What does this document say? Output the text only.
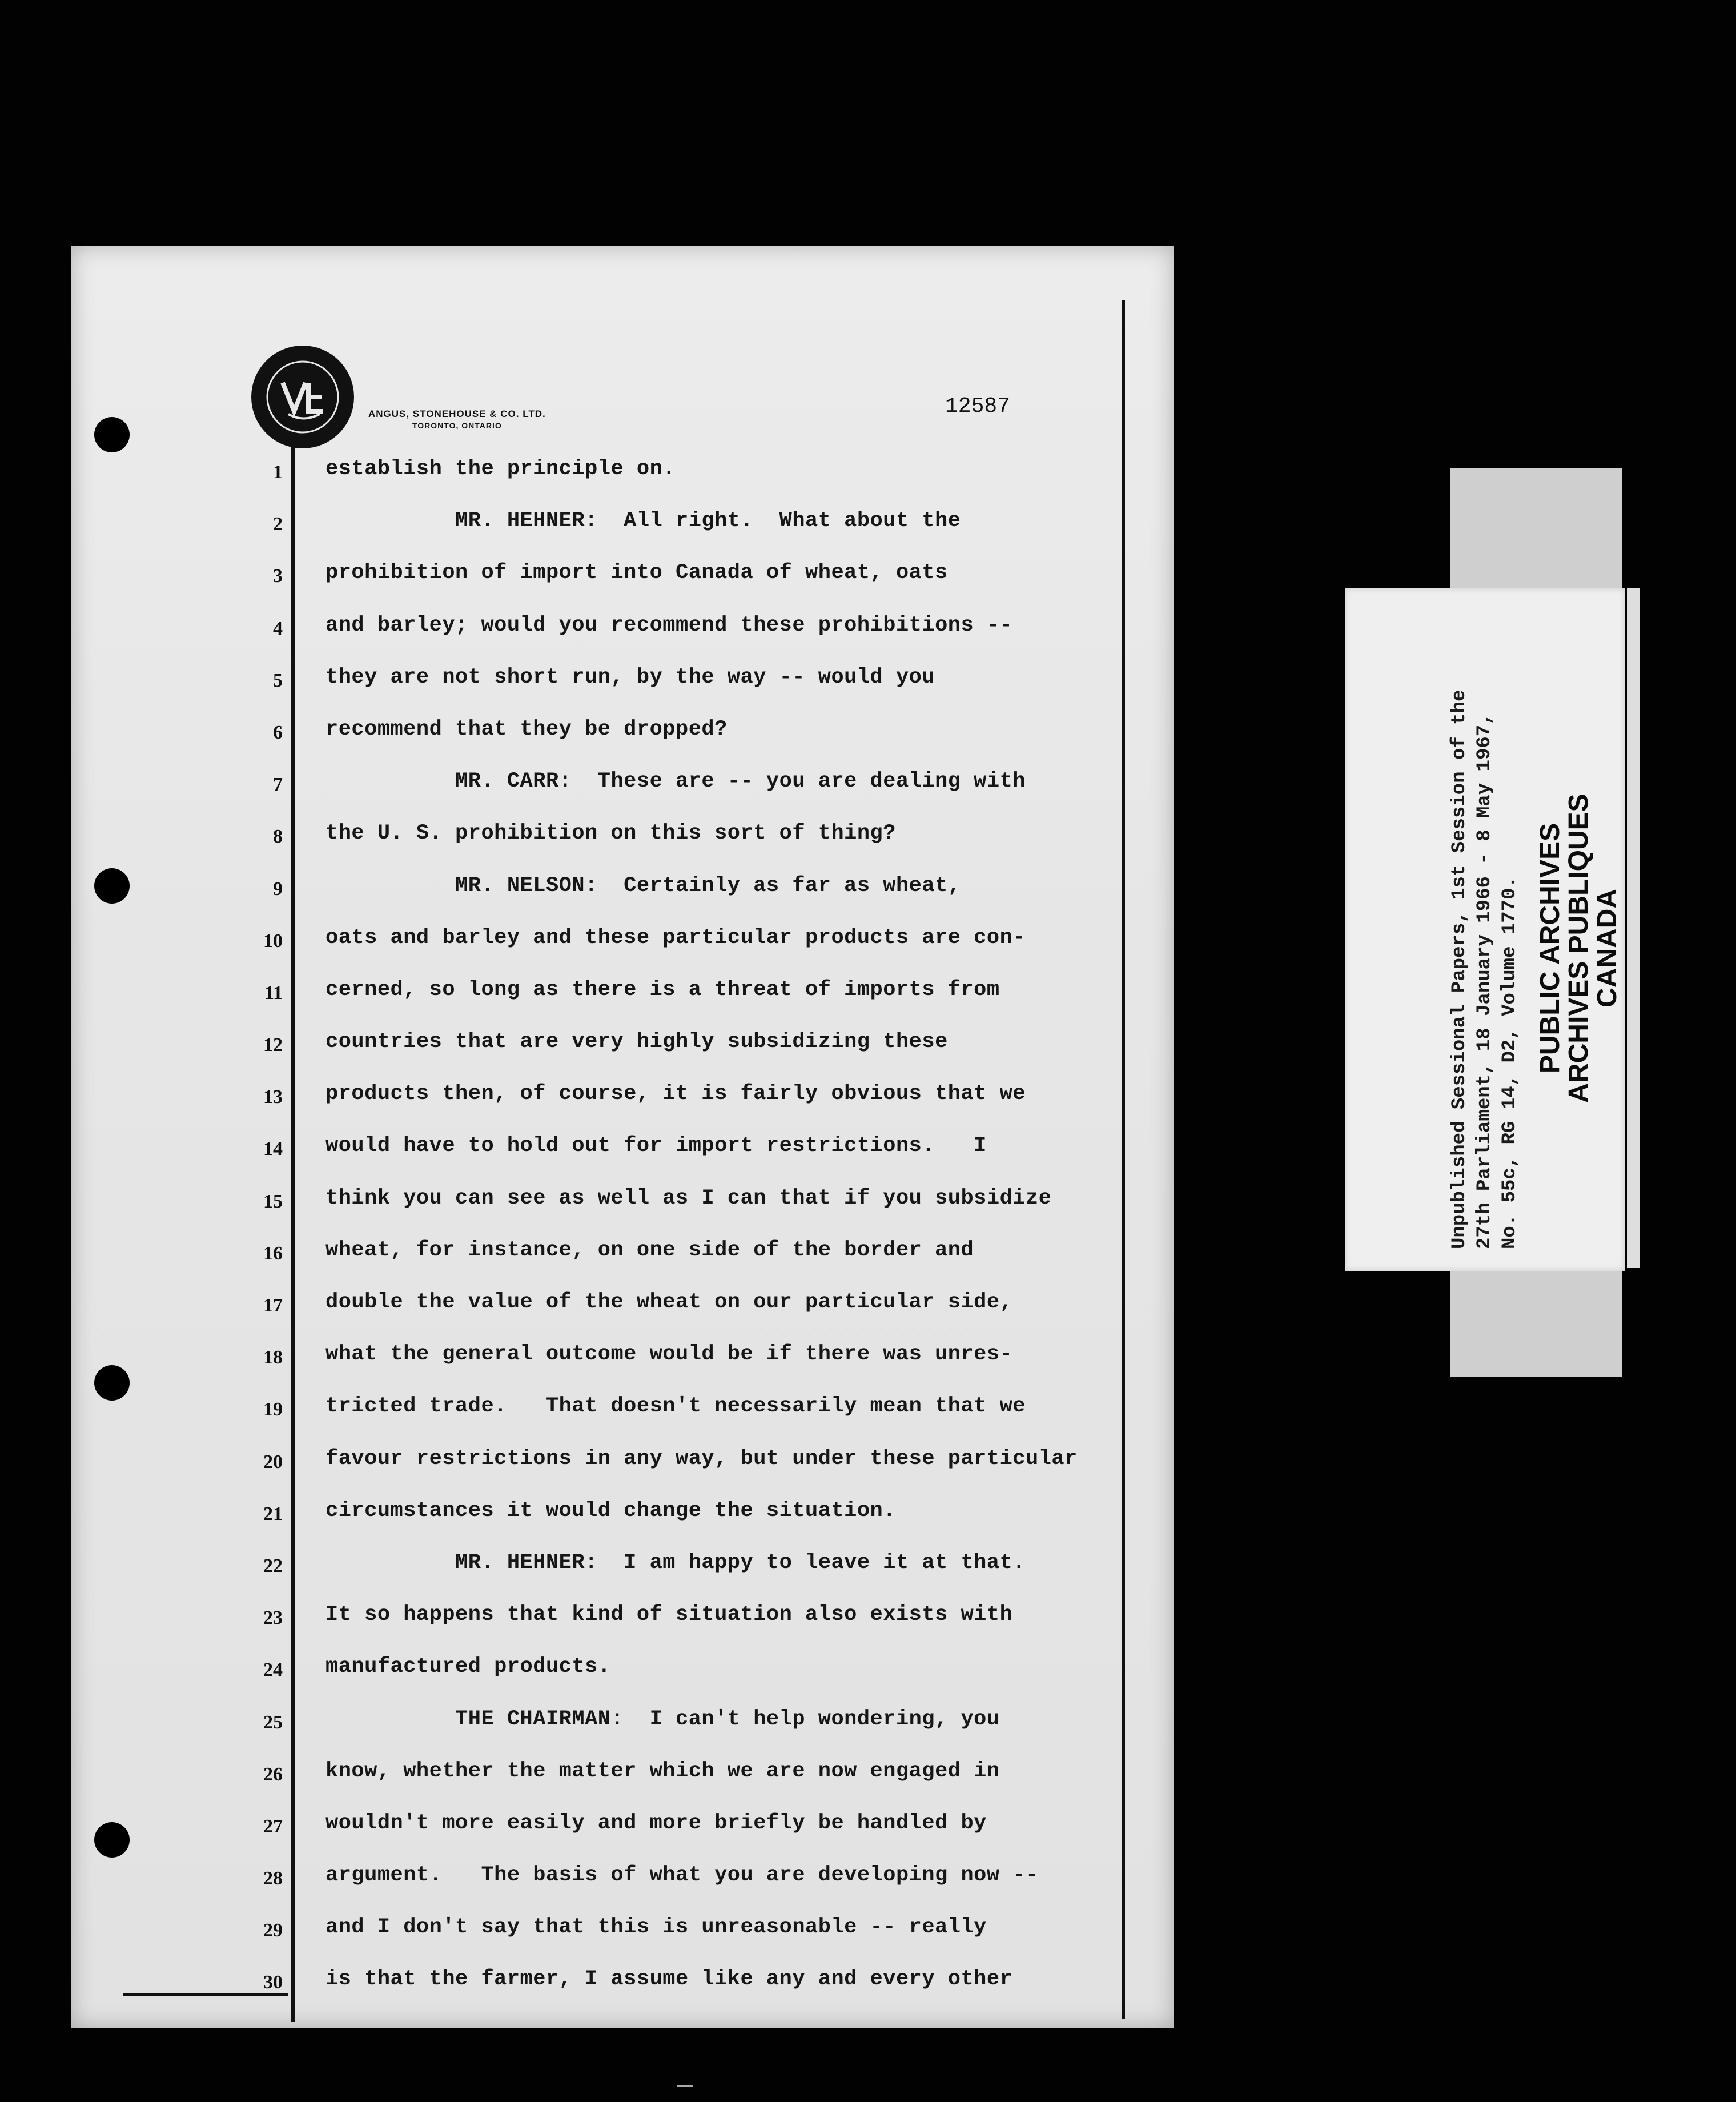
ANGUS, STONEHOUSE & CO. LTD.
TORONTO, ONTARIO
12587
1 establish the principle on.
2 MR. HEHNER:  All right.  What about the
3 prohibition of import into Canada of wheat, oats
4 and barley; would you recommend these prohibitions --
5 they are not short run, by the way -- would you
6 recommend that they be dropped?
7 MR. CARR:  These are -- you are dealing with
8 the U. S. prohibition on this sort of thing?
9 MR. NELSON:  Certainly as far as wheat,
10 oats and barley and these particular products are con-
11 cerned, so long as there is a threat of imports from
12 countries that are very highly subsidizing these
13 products then, of course, it is fairly obvious that we
14 would have to hold out for import restrictions.   I
15 think you can see as well as I can that if you subsidize
16 wheat, for instance, on one side of the border and
17 double the value of the wheat on our particular side,
18 what the general outcome would be if there was unres-
19 tricted trade.   That doesn't necessarily mean that we
20 favour restrictions in any way, but under these particular
21 circumstances it would change the situation.
22 MR. HEHNER:  I am happy to leave it at that.
23 It so happens that kind of situation also exists with
24 manufactured products.
25 THE CHAIRMAN:  I can't help wondering, you
26 know, whether the matter which we are now engaged in
27 wouldn't more easily and more briefly be handled by
28 argument.   The basis of what you are developing now --
29 and I don't say that this is unreasonable -- really
30 is that the farmer, I assume like any and every other
Unpublished Sessional Papers, 1st Session of the 27th Parliament, 18 January 1966 - 8 May 1967, No. 55c, RG 14, D2, Volume 1770. PUBLIC ARCHIVES
ARCHIVES PUBLIQUES
CANADA
